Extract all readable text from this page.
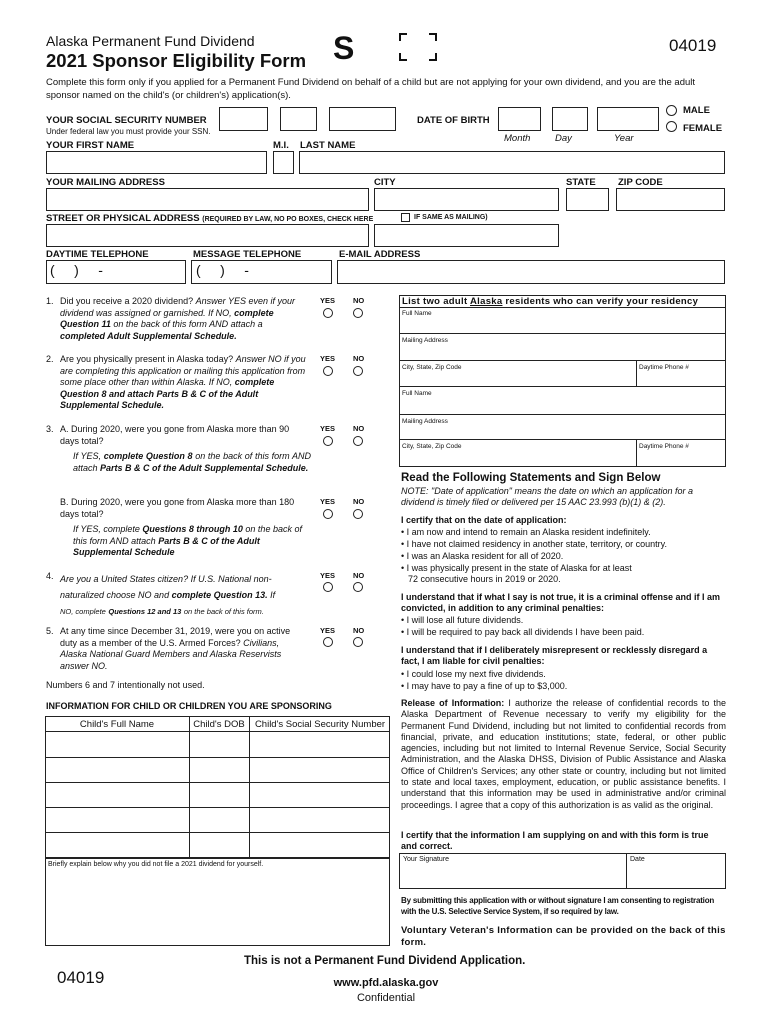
Alaska Permanent Fund Dividend
2021 Sponsor Eligibility Form S	04019
Complete this form only if you applied for a Permanent Fund Dividend on behalf of a child but are not applying for your own dividend, and you are the adult sponsor named on the child's (or children's) application(s).
YOUR SOCIAL SECURITY NUMBER
Under federal law you must provide your SSN.
DATE OF BIRTH
Month	Day	Year
MALE
FEMALE
YOUR FIRST NAME	M.I. LAST NAME
YOUR MAILING ADDRESS	CITY	STATE ZIP CODE
STREET OR PHYSICAL ADDRESS (REQUIRED BY LAW, NO PO BOXES, CHECK HERE	IF SAME AS MAILING)
DAYTIME TELEPHONE	MESSAGE TELEPHONE	E-MAIL ADDRESS
(     )     -	(     )     -
1. Did you receive a 2020 dividend? Answer YES even if your dividend was assigned or garnished. If NO, complete Question 11 on the back of this form AND attach a completed Adult Supplemental Schedule.
YES NO
2. Are you physically present in Alaska today? Answer NO if you are completing this application or mailing this application from some place other than within Alaska. If NO, complete Question 8 and attach Parts B & C of the Adult Supplemental Schedule.
YES NO
3. A. During 2020, were you gone from Alaska more than 90 days total?
If YES, complete Question 8 on the back of this form AND attach Parts B & C of the Adult Supplemental Schedule.
YES NO
B. During 2020, were you gone from Alaska more than 180 days total?
If YES, complete Questions 8 through 10 on the back of this form AND attach Parts B & C of the Adult Supplemental Schedule
YES NO
4. Are you a United States citizen? If U.S. National non-naturalized choose NO and complete Question 13. If
NO, complete Questions 12 and 13 on the back of this form.
YES NO
5. At any time since December 31, 2019, were you on active duty as a member of the U.S. Armed Forces? Civilians, Alaska National Guard Members and Alaska Reservists answer NO.
YES NO
Numbers 6 and 7 intentionally not used.
INFORMATION FOR CHILD OR CHILDREN YOU ARE SPONSORING
Child's Full Name	Child's DOB	Child's Social Security Number
Briefly explain below why you did not file a 2021 dividend for yourself.
List two adult Alaska residents who can verify your residency
Full Name
Mailing Address
City, State, Zip Code	Daytime Phone #
Full Name
Mailing Address
City, State, Zip Code	Daytime Phone #
Read the Following Statements and Sign Below
NOTE: "Date of application" means the date on which an application for a dividend is timely filed or delivered per 15 AAC 23.993 (b)(1) & (2).
I certify that on the date of application:
• I am now and intend to remain an Alaska resident indefinitely.
• I have not claimed residency in another state, territory, or country.
• I was an Alaska resident for all of 2020.
• I was physically present in the state of Alaska for at least
72 consecutive hours in 2019 or 2020.
I understand that if what I say is not true, it is a criminal offense and if I am convicted, in addition to any criminal penalties:
• I will lose all future dividends.
• I will be required to pay back all dividends I have been paid.
I understand that if I deliberately misrepresent or recklessly disregard a fact, I am liable for civil penalties:
• I could lose my next five dividends.
• I may have to pay a fine of up to $3,000.
Release of Information: I authorize the release of confidential records to the Alaska Department of Revenue necessary to verify my eligibility for the Permanent Fund Dividend, including but not limited to confidential records from financial, private, and education institutions; state, federal, or other public agencies, including but not limited to Internal Revenue Service, Social Security Administration, and the Alaska DHSS, Division of Public Assistance and Alaska Office of Children's Services; any other state or country, including but not limited to state and local taxes, employment, education, or public assistance benefits. I understand that this information may be used in administrative and/or criminal proceedings. I agree that a copy of this authorization is as valid as the original.
I certify that the information I am supplying on and with this form is true and correct.
Your Signature	Date
By submitting this application with or without signature I am consenting to registration with the U.S. Selective Service System, if so required by law.
Voluntary Veteran's Information can be provided on the back of this form.
This is not a Permanent Fund Dividend Application.
04019	www.pfd.alaska.gov
Confidential
